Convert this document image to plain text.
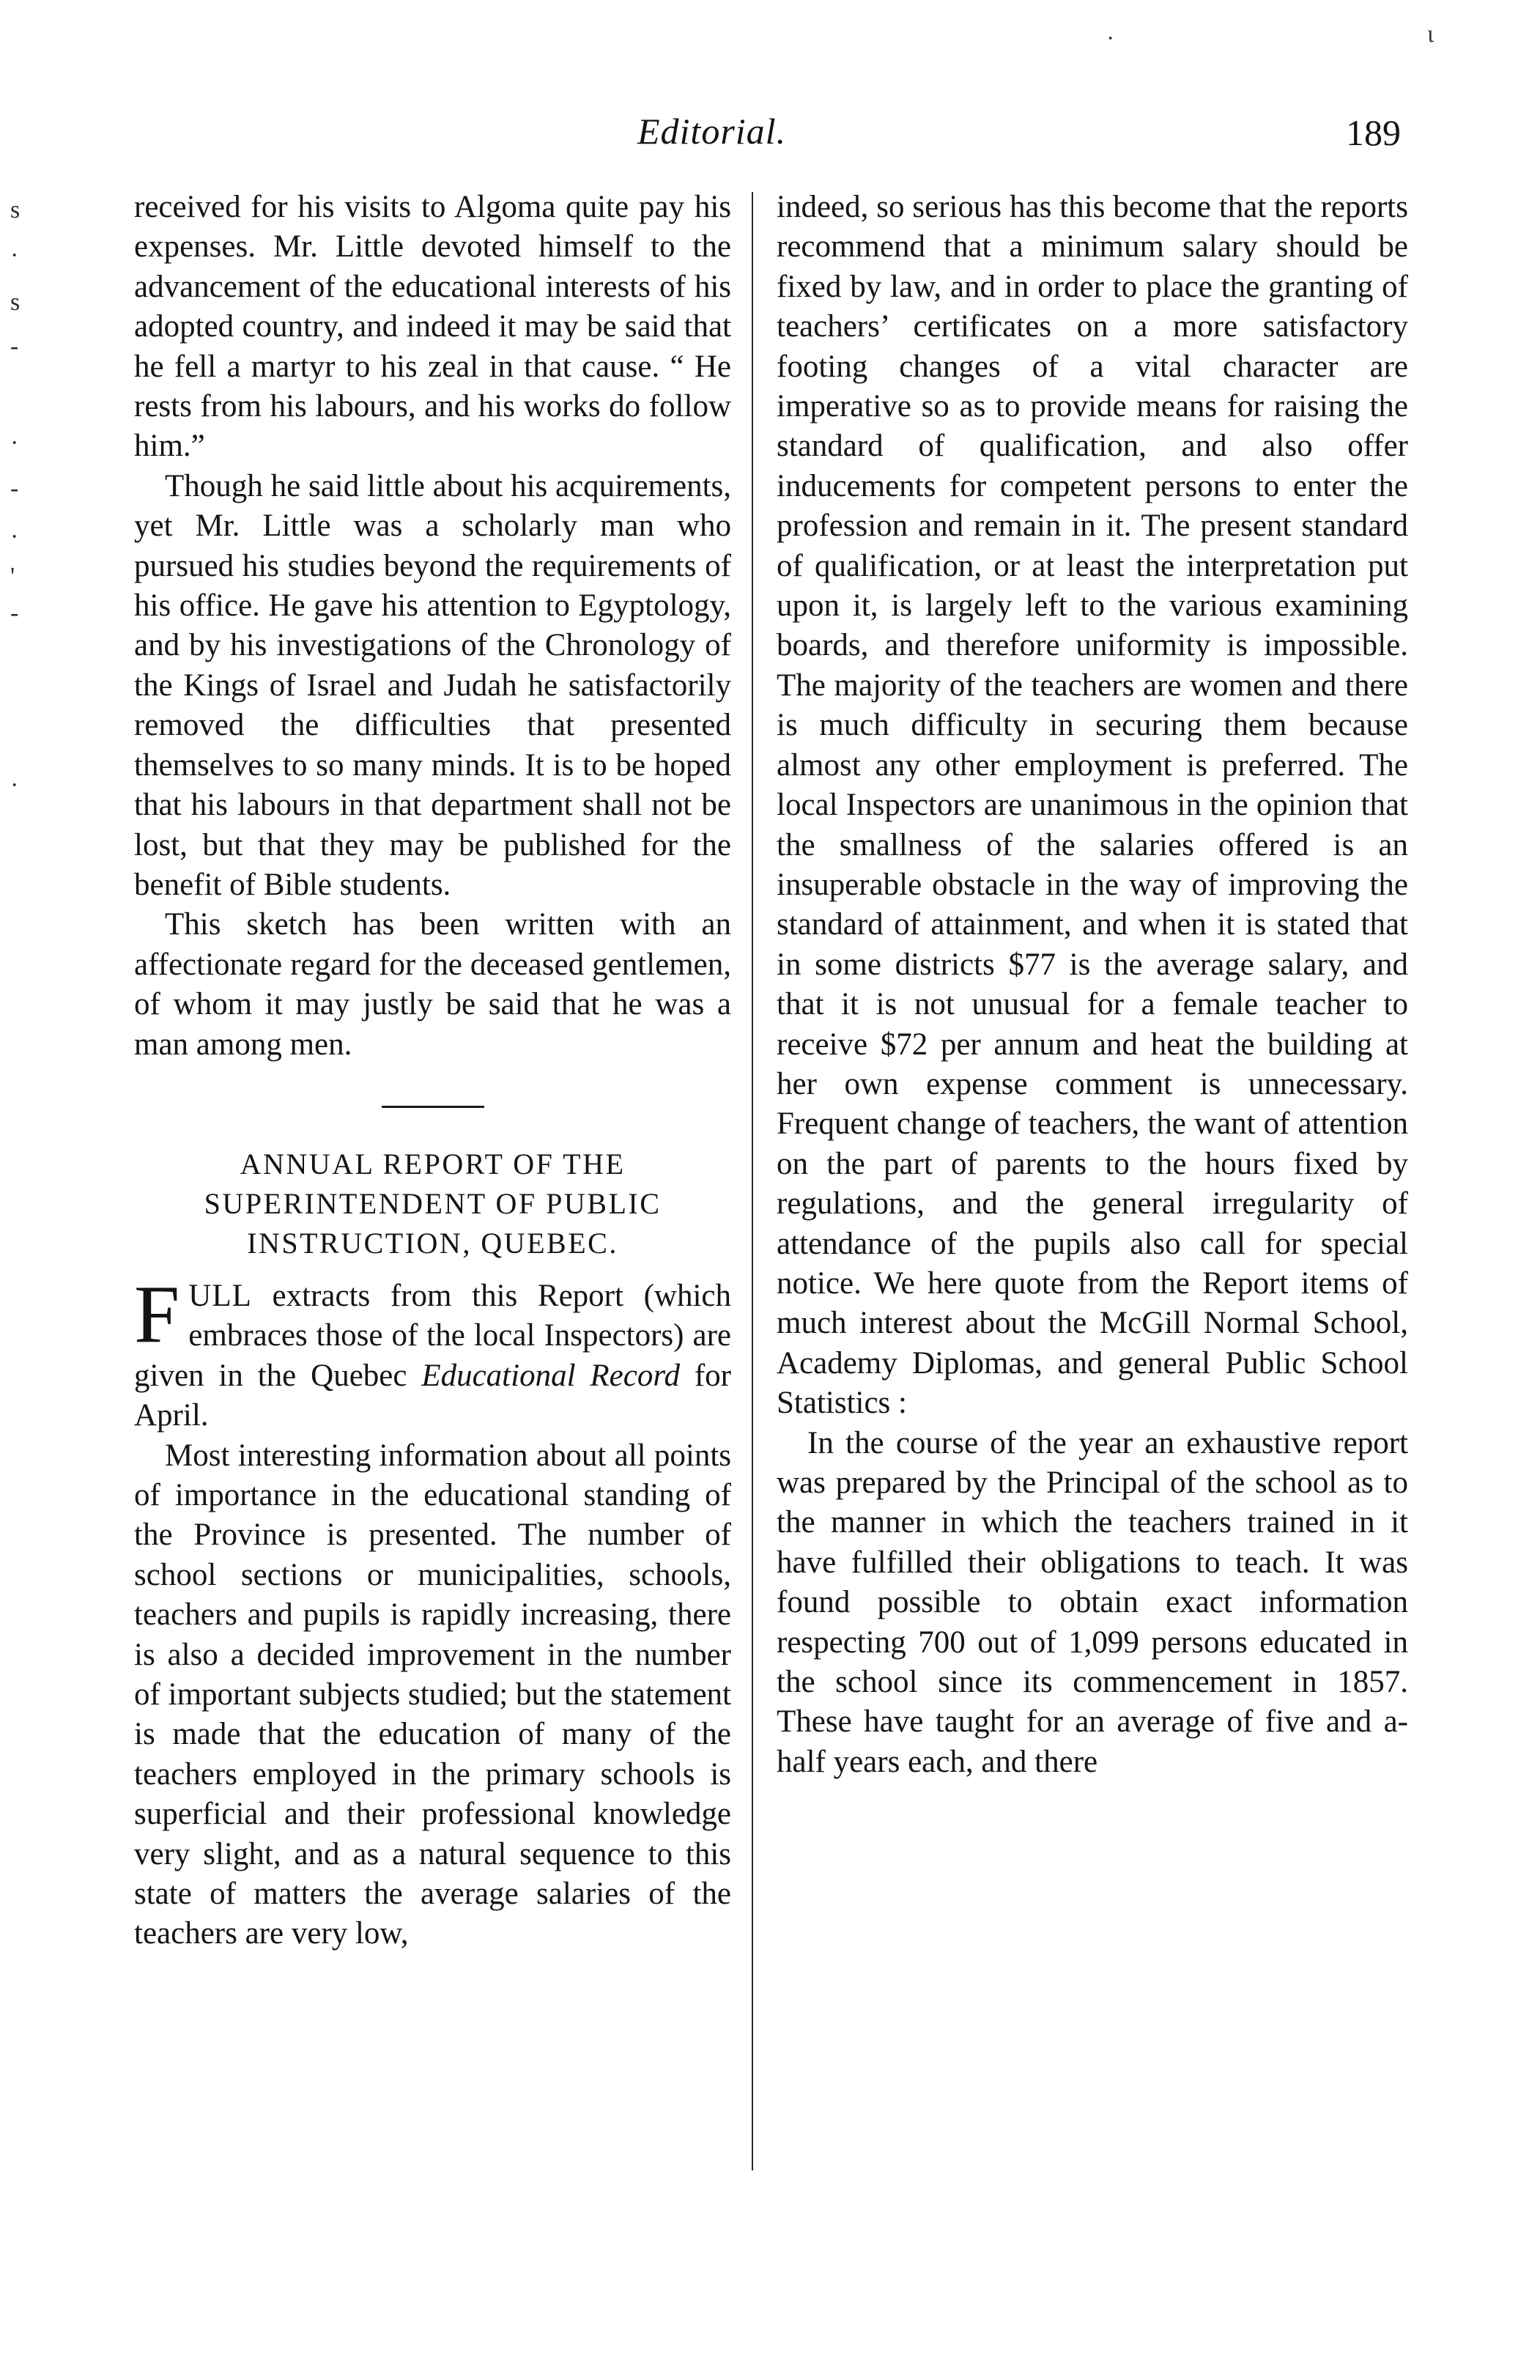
Editorial.	189
s
·
s
-
·
-
·
'
-
·
·	ι

received for his visits to Algoma quite pay his expenses. Mr. Little devoted himself to the advancement of the educational interests of his adopted country, and indeed it may be said that he fell a martyr to his zeal in that cause. “ He rests from his labours, and his works do follow him.”

Though he said little about his acquirements, yet Mr. Little was a scholarly man who pursued his studies beyond the requirements of his office. He gave his attention to Egyptology, and by his investigations of the Chronology of the Kings of Israel and Judah he satisfactorily removed the difficulties that presented themselves to so many minds. It is to be hoped that his labours in that department shall not be lost, but that they may be published for the benefit of Bible students.

This sketch has been written with an affectionate regard for the deceased gentlemen, of whom it may justly be said that he was a man among men.

ANNUAL REPORT OF THE SUPERINTENDENT OF PUBLIC INSTRUCTION, QUEBEC.

FULL extracts from this Report (which embraces those of the local Inspectors) are given in the Quebec Educational Record for April.

Most interesting information about all points of importance in the educational standing of the Province is presented. The number of school sections or municipalities, schools, teachers and pupils is rapidly increasing, there is also a decided improvement in the number of important subjects studied; but the statement is made that the education of many of the teachers employed in the primary schools is superficial and their professional knowledge very slight, and as a natural sequence to this state of matters the average salaries of the teachers are very low,

indeed, so serious has this become that the reports recommend that a minimum salary should be fixed by law, and in order to place the granting of teachers’ certificates on a more satisfactory footing changes of a vital character are imperative so as to provide means for raising the standard of qualification, and also offer inducements for competent persons to enter the profession and remain in it. The present standard of qualification, or at least the interpretation put upon it, is largely left to the various examining boards, and therefore uniformity is impossible. The majority of the teachers are women and there is much difficulty in securing them because almost any other employment is preferred. The local Inspectors are unanimous in the opinion that the smallness of the salaries offered is an insuperable obstacle in the way of improving the standard of attainment, and when it is stated that in some districts $77 is the average salary, and that it is not unusual for a female teacher to receive $72 per annum and heat the building at her own expense comment is unnecessary. Frequent change of teachers, the want of attention on the part of parents to the hours fixed by regulations, and the general irregularity of attendance of the pupils also call for special notice. We here quote from the Report items of much interest about the McGill Normal School, Academy Diplomas, and general Public School Statistics :

In the course of the year an exhaustive report was prepared by the Principal of the school as to the manner in which the teachers trained in it have fulfilled their obligations to teach. It was found possible to obtain exact information respecting 700 out of 1,099 persons educated in the school since its commencement in 1857. These have taught for an average of five and a-half years each, and there
